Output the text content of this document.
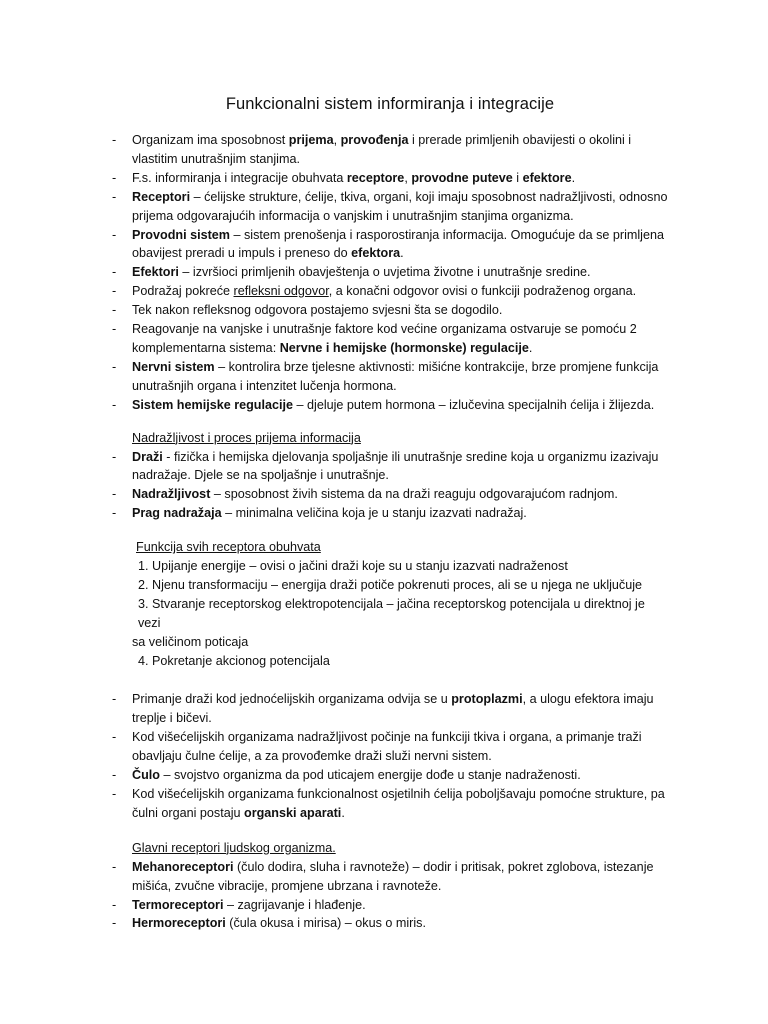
Funkcionalni sistem informiranja i integracije
- Organizam ima sposobnost prijema, provođenja i prerade primljenih obavijesti o okolini i vlastitim unutrašnjim stanjima.
- F.s. informiranja i integracije obuhvata receptore, provodne puteve i efektore.
- Receptori – ćelijske strukture, ćelije, tkiva, organi, koji imaju sposobnost nadražljivosti, odnosno prijema odgovarajućih informacija o vanjskim i unutrašnjim stanjima organizma.
- Provodni sistem – sistem prenošenja i rasporostiranja informacija. Omogućuje da se primljena obavijest preradi u impuls i preneso do efektora.
- Efektori – izvršioci primljenih obavještenja o uvjetima životne i unutrašnje sredine.
- Podražaj pokreće refleksni odgovor, a konačni odgovor ovisi o funkciji podraženog organa.
- Tek nakon refleksnog odgovora postajemo svjesni šta se dogodilo.
- Reagovanje na vanjske i unutrašnje faktore kod većine organizama ostvaruje se pomoću 2 komplementarna sistema: Nervne i hemijske (hormonske) regulacije.
- Nervni sistem – kontrolira brze tjelesne aktivnosti: mišićne kontrakcije, brze promjene funkcija unutrašnjih organa i intenzitet lučenja hormona.
- Sistem hemijske regulacije – djeluje putem hormona – izlučevina specijalnih ćelija i žlijezda.
Nadražljivost i proces prijema informacija
- Draži - fizička i hemijska djelovanja spoljašnje ili unutrašnje sredine koja u organizmu izazivaju nadražaje. Djele se na spoljašnje i unutrašnje.
- Nadražljivost – sposobnost živih sistema da na draži reaguju odgovarajućom radnjom.
- Prag nadražaja – minimalna veličina koja je u stanju izazvati nadražaj.
Funkcija svih receptora obuhvata
1. Upijanje energije – ovisi o jačini draži koje su u stanju izazvati nadraženost
2. Njenu transformaciju – energija draži potiče pokrenuti proces, ali se u njega ne uključuje
3. Stvaranje receptorskog elektropotencijala – jačina receptorskog potencijala u direktnoj je vezi
sa veličinom poticaja
4. Pokretanje akcionog potencijala
- Primanje draži kod jednoćelijskih organizama odvija se u protoplazmi, a ulogu efektora imaju treplje i bičevi.
- Kod višećelijskih organizama nadražljivost počinje na funkciji tkiva i organa, a primanje traži obavljaju čulne ćelije, a za provođemke draži služi nervni sistem.
- Čulo – svojstvo organizma da pod uticajem energije dođe u stanje nadraženosti.
- Kod višećelijskih organizama funkcionalnost osjetilnih ćelija poboljšavaju pomoćne strukture, pa čulni organi postaju organski aparati.
Glavni receptori ljudskog organizma.
- Mehanoreceptori (čulo dodira, sluha i ravnoteže) – dodir i pritisak, pokret zglobova, istezanje mišića, zvučne vibracije, promjene ubrzana i ravnoteže.
- Termoreceptori – zagrijavanje i hlađenje.
- Hermoreceptori (čula okusa i mirisa) – okus o miris.
